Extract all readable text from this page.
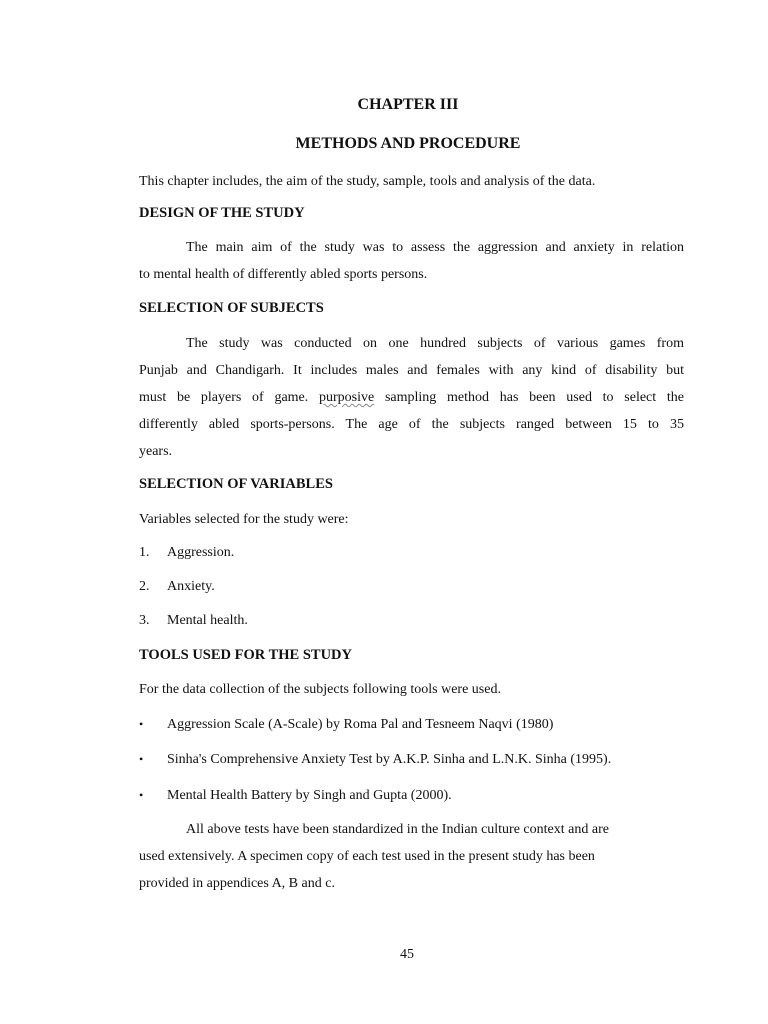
CHAPTER III

METHODS AND PROCEDURE

This chapter includes, the aim of the study, sample, tools and analysis of the data.

DESIGN OF THE STUDY

The main aim of the study was to assess the aggression and anxiety in relation
to mental health of differently abled sports persons.

SELECTION OF SUBJECTS

The study was conducted on one hundred subjects of various games from
Punjab and Chandigarh. It includes males and females with any kind of disability but
must be players of game. purposive sampling method has been used to select the
differently abled sports-persons. The age of the subjects ranged between 15 to 35
years.

SELECTION OF VARIABLES

Variables selected for the study were:

1. Aggression.

2. Anxiety.

3. Mental health.

TOOLS USED FOR THE STUDY

For the data collection of the subjects following tools were used.

• Aggression Scale (A-Scale) by Roma Pal and Tesneem Naqvi (1980)

• Sinha's Comprehensive Anxiety Test by A.K.P. Sinha and L.N.K. Sinha (1995).

• Mental Health Battery by Singh and Gupta (2000).

All above tests have been standardized in the Indian culture context and are
used extensively. A specimen copy of each test used in the present study has been
provided in appendices A, B and c.
45
